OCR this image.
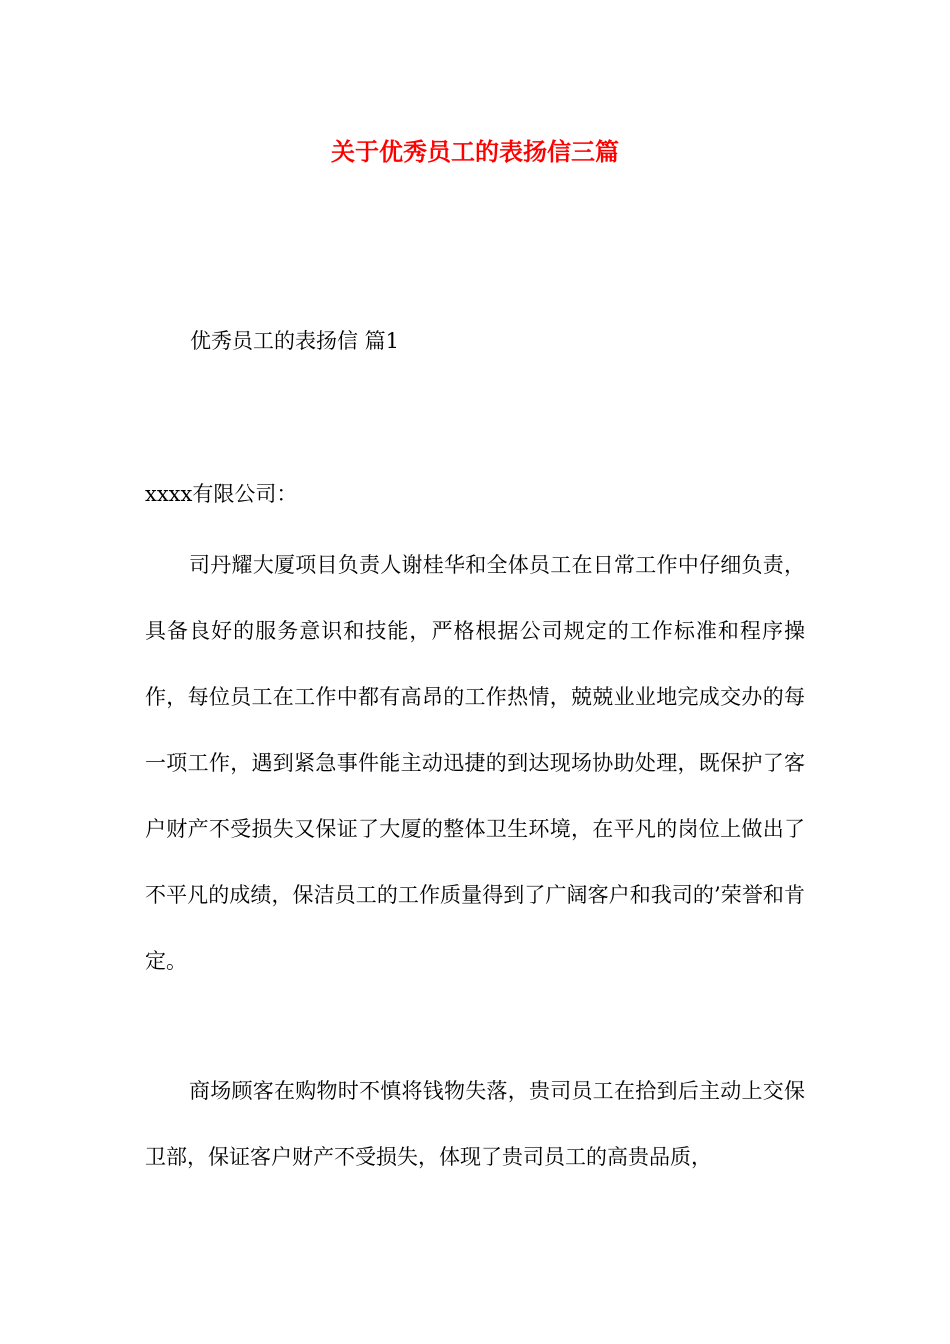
关于优秀员工的表扬信三篇

优秀员工的表扬信 篇1

xxxx有限公司：

司丹耀大厦项目负责人谢桂华和全体员工在日常工作中仔细负责，具备良好的服务意识和技能，严格根据公司规定的工作标准和程序操作，每位员工在工作中都有高昂的工作热情，兢兢业业地完成交办的每一项工作，遇到紧急事件能主动迅捷的到达现场协助处理，既保护了客户财产不受损失又保证了大厦的整体卫生环境，在平凡的岗位上做出了不平凡的成绩，保洁员工的工作质量得到了广阔客户和我司的’荣誉和肯定。

商场顾客在购物时不慎将钱物失落，贵司员工在拾到后主动上交保卫部，保证客户财产不受损失，体现了贵司员工的高贵品质，
